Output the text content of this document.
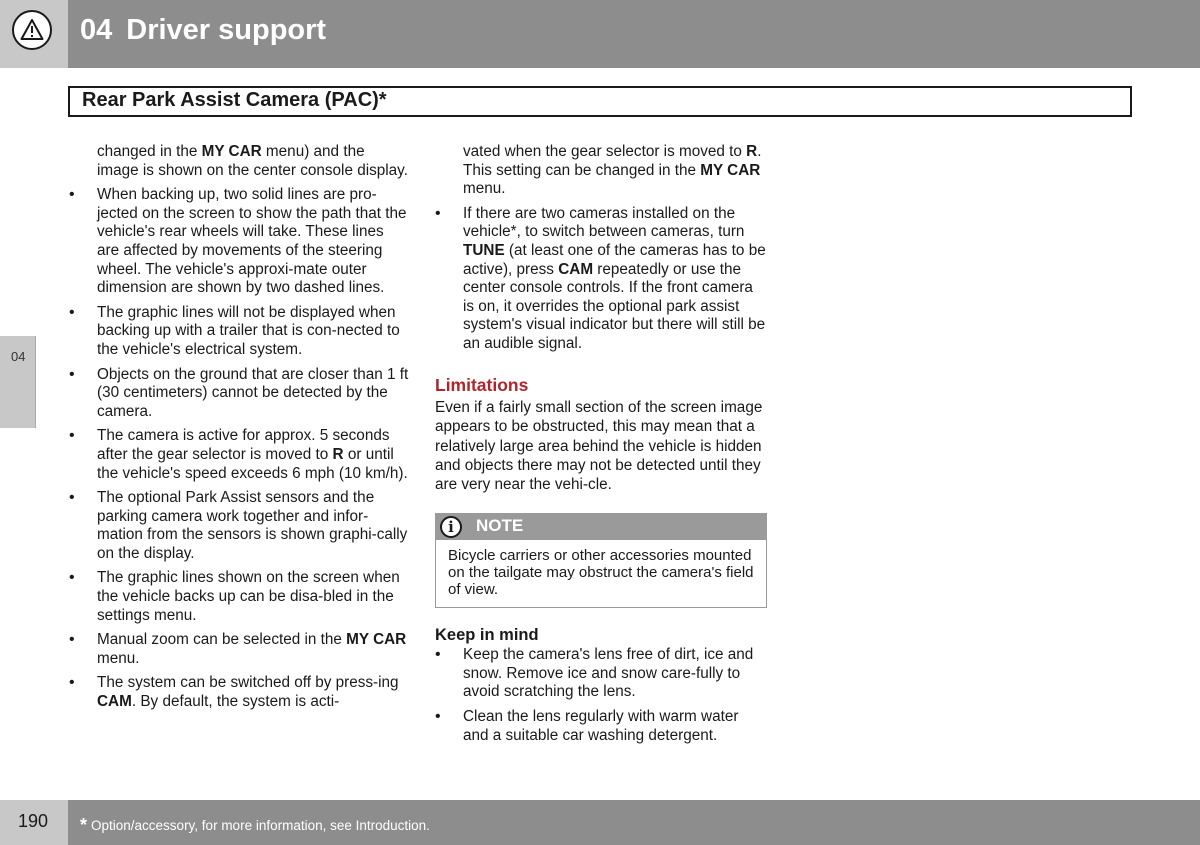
04 Driver support
Rear Park Assist Camera (PAC)*
04
changed in the MY CAR menu) and the image is shown on the center console display.
• When backing up, two solid lines are pro-jected on the screen to show the path that the vehicle's rear wheels will take. These lines are affected by movements of the steering wheel. The vehicle's approxi-mate outer dimension are shown by two dashed lines.
• The graphic lines will not be displayed when backing up with a trailer that is con-nected to the vehicle's electrical system.
• Objects on the ground that are closer than 1 ft (30 centimeters) cannot be detected by the camera.
• The camera is active for approx. 5 seconds after the gear selector is moved to R or until the vehicle's speed exceeds 6 mph (10 km/h).
• The optional Park Assist sensors and the parking camera work together and infor-mation from the sensors is shown graphi-cally on the display.
• The graphic lines shown on the screen when the vehicle backs up can be disa-bled in the settings menu.
• Manual zoom can be selected in the MY CAR menu.
• The system can be switched off by press-ing CAM. By default, the system is acti-
vated when the gear selector is moved to R. This setting can be changed in the MY CAR menu.
• If there are two cameras installed on the vehicle*, to switch between cameras, turn TUNE (at least one of the cameras has to be active), press CAM repeatedly or use the center console controls. If the front camera is on, it overrides the optional park assist system's visual indicator but there will still be an audible signal.
Limitations
Even if a fairly small section of the screen image appears to be obstructed, this may mean that a relatively large area behind the vehicle is hidden and objects there may not be detected until they are very near the vehi-cle.
i	NOTE
Bicycle carriers or other accessories mounted on the tailgate may obstruct the camera's field of view.
Keep in mind
• Keep the camera's lens free of dirt, ice and snow. Remove ice and snow care-fully to avoid scratching the lens.
• Clean the lens regularly with warm water and a suitable car washing detergent.
190 * Option/accessory, for more information, see Introduction.
